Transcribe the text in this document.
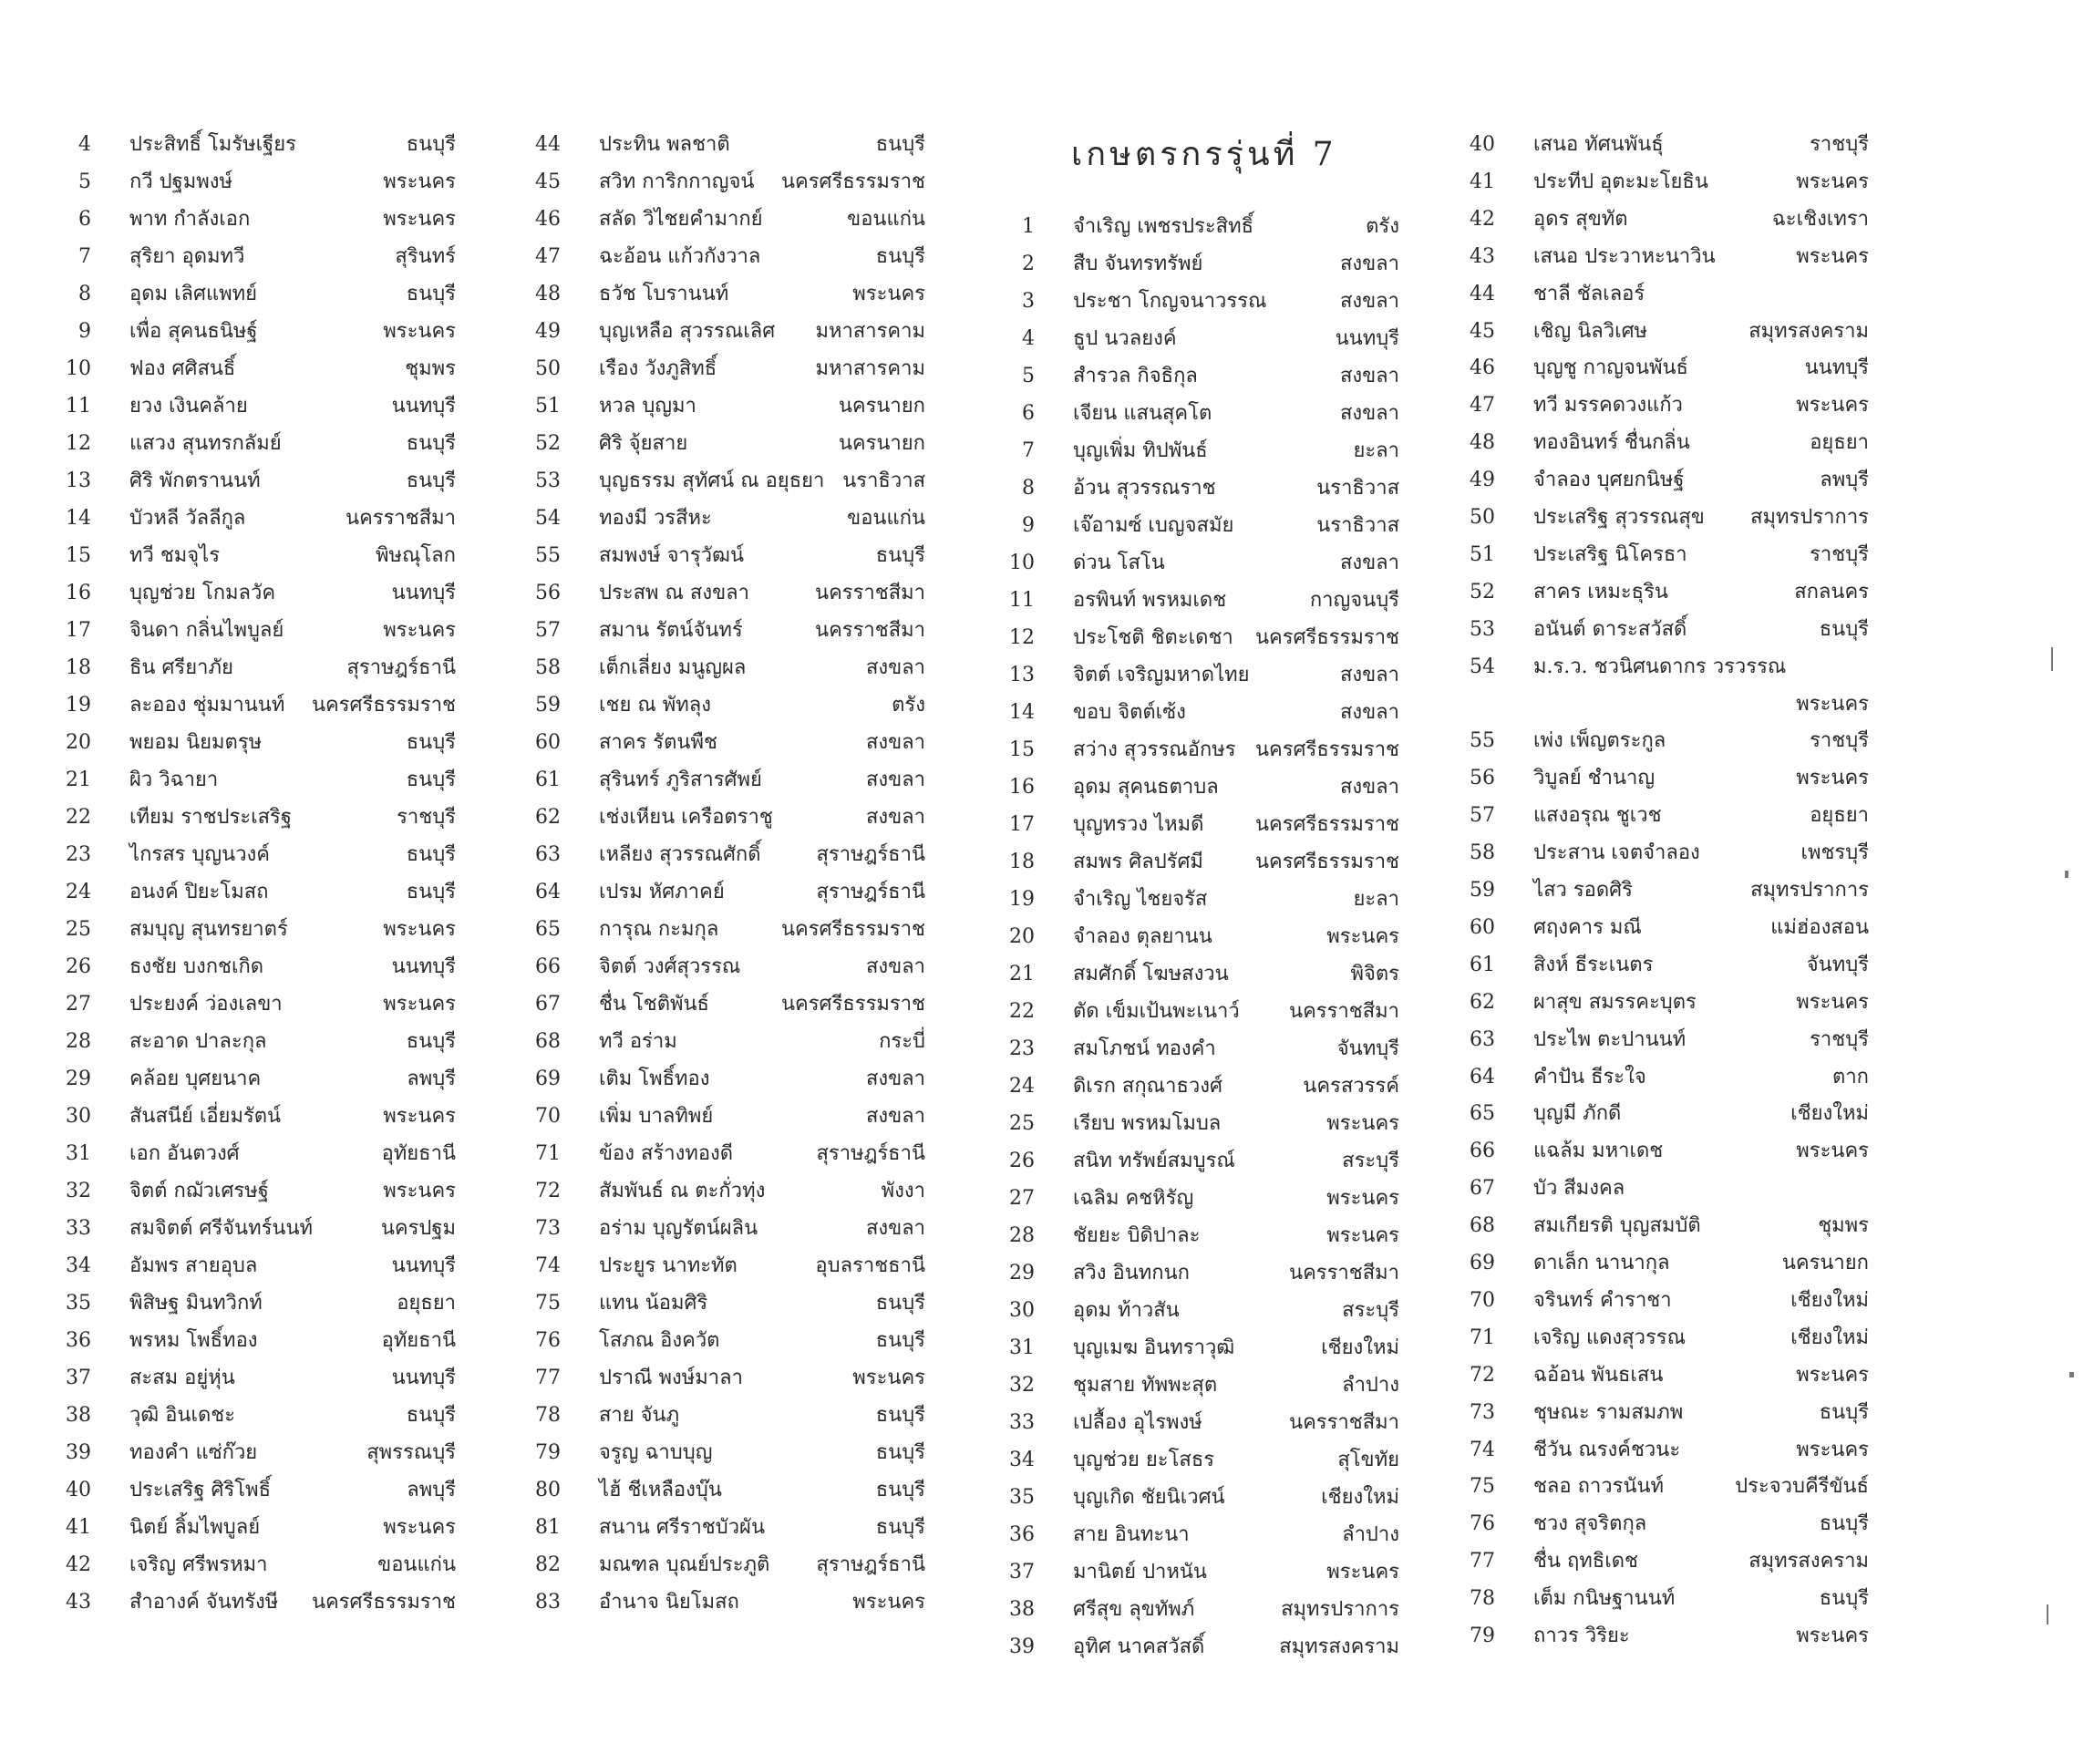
เกษตรกรรุ่นที่ 7
4 ประสิทธิ์ โมรัษเฐียร	ธนบุรี
5 กวี ปฐมพงษ์	พระนคร
6 พาท กำลังเอก	พระนคร
7 สุริยา อุดมทวี	สุรินทร์
8 อุดม เลิศแพทย์	ธนบุรี
9 เพื่อ สุคนธนิษฐ์	พระนคร
10 ฟอง ศศิสนธิ์	ชุมพร
11 ยวง เงินคล้าย	นนทบุรี
12 แสวง สุนทรกลัมย์	ธนบุรี
13 ศิริ พักตรานนท์	ธนบุรี
14 บัวหลี วัลลีกูล	นครราชสีมา
15 ทวี ชมจุไร	พิษณุโลก
16 บุญช่วย โกมลวัค	นนทบุรี
17 จินดา กลิ่นไพบูลย์	พระนคร
18 ธิน ศรียาภัย	สุราษฎร์ธานี
19 ละออง ชุ่มมานนท์ นครศรีธรรมราช
20 พยอม นิยมตรุษ	ธนบุรี
21 ผิว วิฉายา	ธนบุรี
22 เทียม ราชประเสริฐ	ราชบุรี
23 ไกรสร บุญนวงค์	ธนบุรี
24 อนงค์ ปิยะโมสถ	ธนบุรี
25 สมบุญ สุนทรยาตร์	พระนคร
26 ธงชัย บงกชเกิด	นนทบุรี
27 ประยงค์ ว่องเลขา	พระนคร
28 สะอาด ปาละกุล	ธนบุรี
29 คล้อย บุศยนาค	ลพบุรี
30 สันสนีย์ เอี่ยมรัตน์	พระนคร
31 เอก อันตวงศ์	อุทัยธานี
32 จิตต์ กฌัวเศรษฐ์	พระนคร
33 สมจิตต์ ศรีจันทร์นนท์	นครปฐม
34 อัมพร สายอุบล	นนทบุรี
35 พิสิษฐ มินทวิกท์	อยุธยา
36 พรหม โพธิ์ทอง	อุทัยธานี
37 สะสม อยู่หุ่น	นนทบุรี
38 วุฒิ อินเดชะ	ธนบุรี
39 ทองคำ แซ่ก๊วย	สุพรรณบุรี
40 ประเสริฐ ศิริโพธิ์	ลพบุรี
41 นิตย์ ลิ้มไพบูลย์	พระนคร
42 เจริญ ศรีพรหมา	ขอนแก่น
43 สำอางค์ จันทรังษี นครศรีธรรมราช
44 ประทิน พลชาติ	ธนบุรี
45 สวิท การิกกาญจน์ นครศรีธรรมราช
46 สลัด วิไชยคำมากย์	ขอนแก่น
47 ฉะอ้อน แก้วกังวาล	ธนบุรี
48 ธวัช โบรานนท์	พระนคร
49 บุญเหลือ สุวรรณเลิศ มหาสารคาม
50 เรือง วังภูสิทธิ์	มหาสารคาม
51 หวล บุญมา	นครนายก
52 ศิริ จุ้ยสาย	นครนายก
53 บุญธรรม สุทัศน์ ณ อยุธยา นราธิวาส
54 ทองมี วรสีหะ	ขอนแก่น
55 สมพงษ์ จารุวัฒน์	ธนบุรี
56 ประสพ ณ สงขลา	นครราชสีมา
57 สมาน รัตน์จันทร์	นครราชสีมา
58 เต็กเลี่ยง มนูญผล	สงขลา
59 เชย ณ พัทลุง	ตรัง
60 สาคร รัตนพืช	สงขลา
61 สุรินทร์ ภูริสารศัพย์	สงขลา
62 เช่งเหียน เครือตราชู	สงขลา
63 เหลียง สุวรรณศักดิ์	สุราษฎร์ธานี
64 เปรม หัศภาคย์	สุราษฎร์ธานี
65 การุณ กะมกุล	นครศรีธรรมราช
66 จิตต์ วงศ์สุวรรณ	สงขลา
67 ชื่น โชติพันธ์	นครศรีธรรมราช
68 ทวี อร่าม	กระบี่
69 เติม โพธิ์ทอง	สงขลา
70 เพิ่ม บาลทิพย์	สงขลา
71 ข้อง สร้างทองดี	สุราษฎร์ธานี
72 สัมพันธ์ ณ ตะกั่วทุ่ง	พังงา
73 อร่าม บุญรัตน์ผลิน	สงขลา
74 ประยูร นาทะทัต	อุบลราชธานี
75 แทน น้อมศิริ	ธนบุรี
76 โสภณ อิงควัต	ธนบุรี
77 ปราณี พงษ์มาลา	พระนคร
78 สาย จันภู	ธนบุรี
79 จรูญ ฉาบบุญ	ธนบุรี
80 ไฮ้ ชีเหลืองบุ๊น	ธนบุรี
81 สนาน ศรีราชบัวผัน	ธนบุรี
82 มณฑล บุณย์ประภูติ สุราษฎร์ธานี
83 อำนาจ นิยโมสถ	พระนคร
1 จำเริญ เพชรประสิทธิ์	ตรัง
2 สืบ จันทรทรัพย์	สงขลา
3 ประชา โกญจนาวรรณ	สงขลา
4 ธูป นวลยงค์	นนทบุรี
5 สำรวล กิจธิกุล	สงขลา
6 เจียน แสนสุคโต	สงขลา
7 บุญเพิ่ม ทิปพันธ์	ยะลา
8 อ้วน สุวรรณราช	นราธิวาส
9 เจ๊อามซ์ เบญจสมัย	นราธิวาส
10 ด่วน โสโน	สงขลา
11 อรพินท์ พรหมเดช	กาญจนบุรี
12 ประโชติ ชิตะเดชา นครศรีธรรมราช
13 จิตต์ เจริญมหาดไทย	สงขลา
14 ขอบ จิตต์เซ้ง	สงขลา
15 สว่าง สุวรรณอักษร นครศรีธรรมราช
16 อุดม สุคนธตาบล	สงขลา
17 บุญทรวง ไหมดี	นครศรีธรรมราช
18 สมพร ศิลปรัศมี	นครศรีธรรมราช
19 จำเริญ ไชยจรัส	ยะลา
20 จำลอง ตุลยานน	พระนคร
21 สมศักดิ์ โฆษสงวน	พิจิตร
22 ตัด เข็มเป้นพะเนาว์ นครราชสีมา
23 สมโภชน์ ทองคำ	จันทบุรี
24 ดิเรก สกุณาธวงศ์	นครสวรรค์
25 เรียบ พรหมโมบล	พระนคร
26 สนิท ทรัพย์สมบูรณ์	สระบุรี
27 เฉลิม คชหิรัญ	พระนคร
28 ชัยยะ บิดิปาละ	พระนคร
29 สวิง อินทกนก	นครราชสีมา
30 อุดม ท้าวสัน	สระบุรี
31 บุญเมฆ อินทราวุฒิ	เชียงใหม่
32 ชุมสาย ทัพพะสุต	ลำปาง
33 เปลื้อง อุไรพงษ์	นครราชสีมา
34 บุญช่วย ยะโสธร	สุโขทัย
35 บุญเกิด ชัยนิเวศน์	เชียงใหม่
36 สาย อินทะนา	ลำปาง
37 มานิตย์ ปาหนัน	พระนคร
38 ศรีสุข ลุขทัพภ์	สมุทรปราการ
39 อุทิศ นาคสวัสดิ์	สมุทรสงคราม
40 เสนอ ทัศนพันธุ์	ราชบุรี
41 ประทีป อุตะมะโยธิน	พระนคร
42 อุดร สุขทัต	ฉะเชิงเทรา
43 เสนอ ประวาหะนาวิน	พระนคร
44 ชาลี ชัลเลอร์
45 เชิญ นิลวิเศษ	สมุทรสงคราม
46 บุญชู กาญจนพันธ์	นนทบุรี
47 ทวี มรรคดวงแก้ว	พระนคร
48 ทองอินทร์ ชื่นกลิ่น	อยุธยา
49 จำลอง บุศยกนิษฐ์	ลพบุรี
50 ประเสริฐ สุวรรณสุข สมุทรปราการ
51 ประเสริฐ นิโครธา	ราชบุรี
52 สาคร เหมะธุริน	สกลนคร
53 อนันต์ ดาระสวัสดิ์	ธนบุรี
54 ม.ร.ว. ชวนิศนดากร วรวรรณ
พระนคร
55 เพ่ง เพ็ญตระกูล	ราชบุรี
56 วิบูลย์ ชำนาญ	พระนคร
57 แสงอรุณ ชูเวช	อยุธยา
58 ประสาน เจตจำลอง	เพชรบุรี
59 ไสว รอดศิริ	สมุทรปราการ
60 ศฤงคาร มณี	แม่ฮ่องสอน
61 สิงห์ ธีระเนตร	จันทบุรี
62 ผาสุข สมรรคะบุตร	พระนคร
63 ประไพ ตะปานนท์	ราชบุรี
64 คำปัน ธีระใจ	ตาก
65 บุญมี ภักดี	เชียงใหม่
66 แฉล้ม มหาเดช	พระนคร
67 บัว สีมงคล
68 สมเกียรติ บุญสมบัติ	ชุมพร
69 ดาเล็ก นานากุล	นครนายก
70 จรินทร์ คำราชา	เชียงใหม่
71 เจริญ แดงสุวรรณ	เชียงใหม่
72 ฉอ้อน พันธเสน	พระนคร
73 ชุษณะ รามสมภพ	ธนบุรี
74 ชีวัน ณรงค์ชวนะ	พระนคร
75 ชลอ ถาวรนันท์	ประจวบคีรีขันธ์
76 ชวง สุจริตกุล	ธนบุรี
77 ชื่น ฤทธิเดช	สมุทรสงคราม
78 เต็ม กนิษฐานนท์	ธนบุรี
79 ถาวร วิริยะ	พระนคร
